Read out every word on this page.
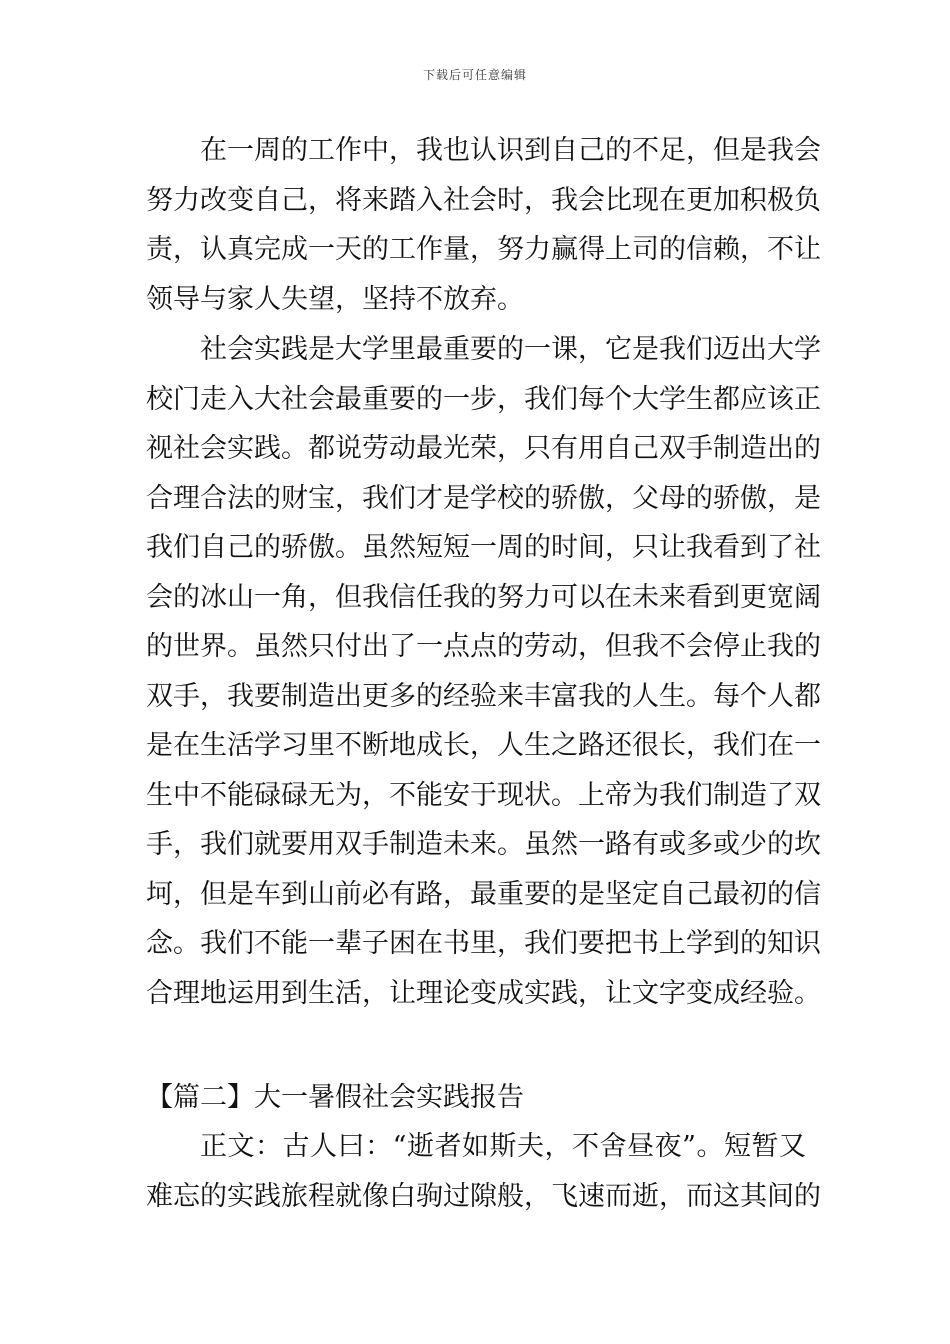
下载后可任意编辑
在一周的工作中，我也认识到自己的不足，但是我会
努力改变自己，将来踏入社会时，我会比现在更加积极负
责，认真完成一天的工作量，努力赢得上司的信赖，不让
领导与家人失望，坚持不放弃。
社会实践是大学里最重要的一课，它是我们迈出大学
校门走入大社会最重要的一步，我们每个大学生都应该正
视社会实践。都说劳动最光荣，只有用自己双手制造出的
合理合法的财宝，我们才是学校的骄傲，父母的骄傲，是
我们自己的骄傲。虽然短短一周的时间，只让我看到了社
会的冰山一角，但我信任我的努力可以在未来看到更宽阔
的世界。虽然只付出了一点点的劳动，但我不会停止我的
双手，我要制造出更多的经验来丰富我的人生。每个人都
是在生活学习里不断地成长，人生之路还很长，我们在一
生中不能碌碌无为，不能安于现状。上帝为我们制造了双
手，我们就要用双手制造未来。虽然一路有或多或少的坎
坷，但是车到山前必有路，最重要的是坚定自己最初的信
念。我们不能一辈子困在书里，我们要把书上学到的知识
合理地运用到生活，让理论变成实践，让文字变成经验。
【篇二】大一暑假社会实践报告
正文：古人曰：“逝者如斯夫，不舍昼夜”。短暂又
难忘的实践旅程就像白驹过隙般，飞速而逝，而这其间的
